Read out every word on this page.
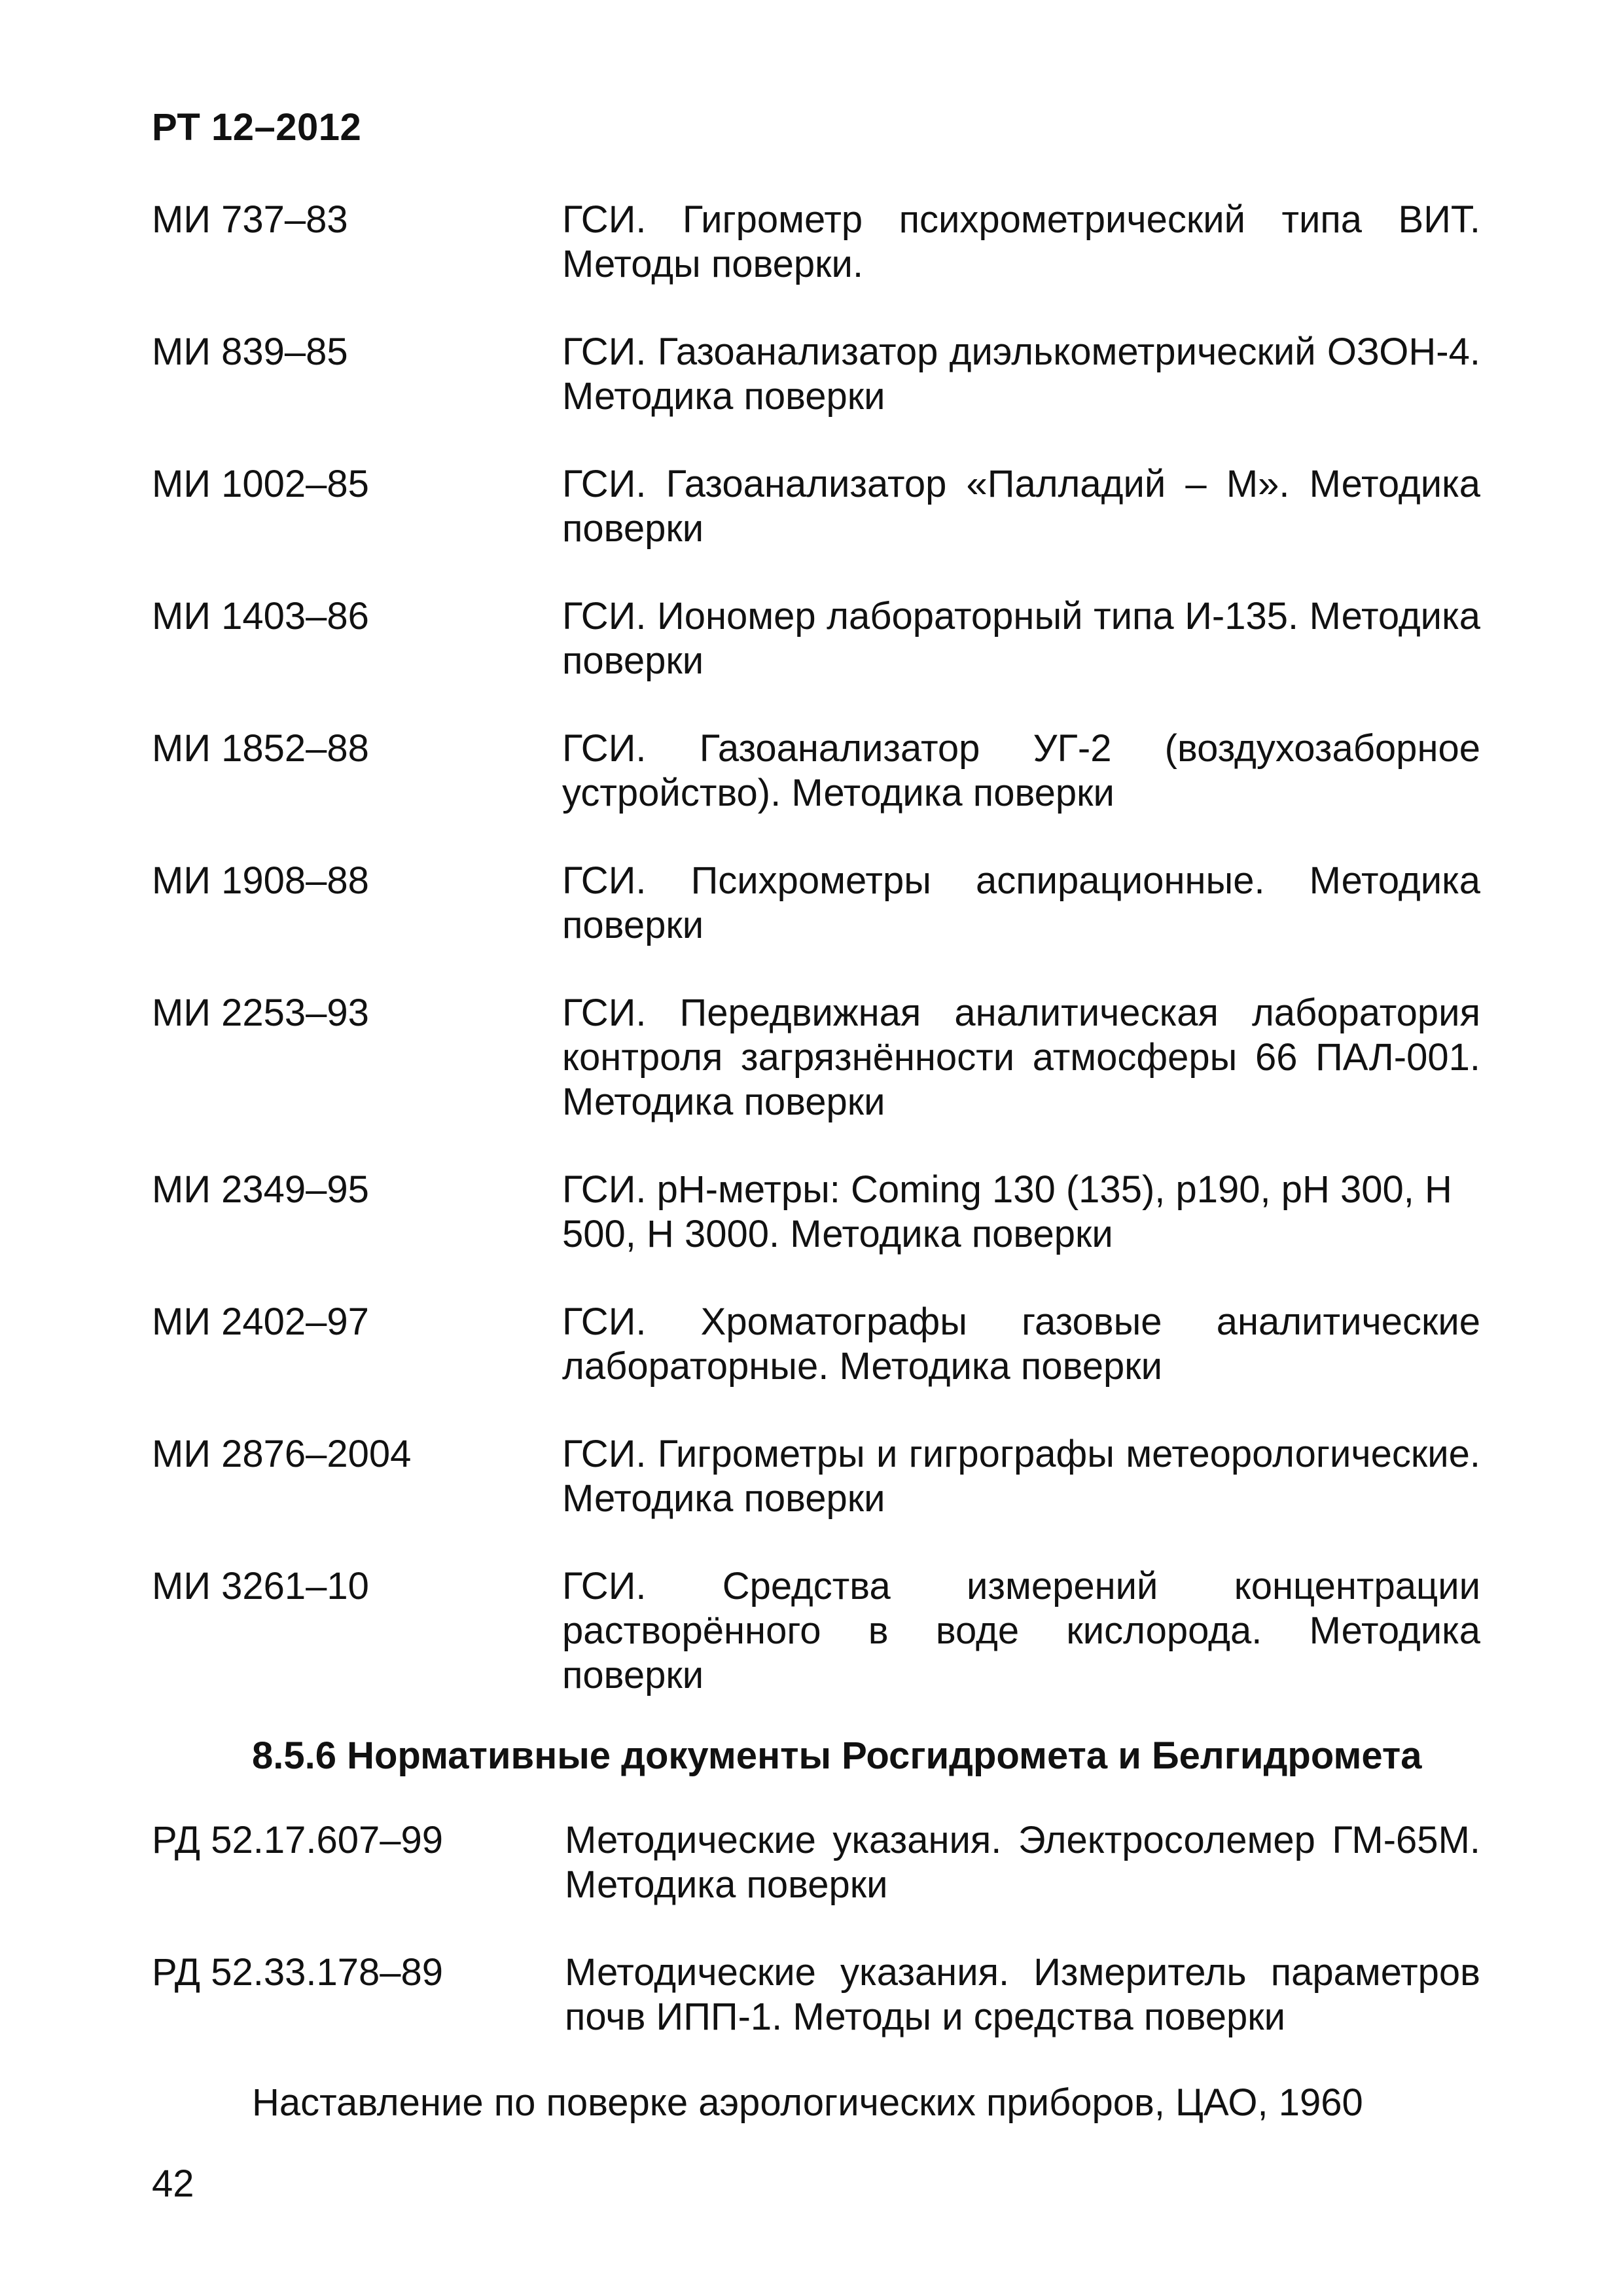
РТ 12–2012
МИ 737–83	ГСИ. Гигрометр психрометрический типа ВИТ. Методы поверки.
МИ 839–85	ГСИ. Газоанализатор диэлькометрический ОЗОН-4. Методика поверки
МИ 1002–85	ГСИ. Газоанализатор «Палладий – М». Методика поверки
МИ 1403–86	ГСИ. Иономер лабораторный типа И-135. Методика поверки
МИ 1852–88	ГСИ. Газоанализатор УГ-2 (воздухозаборное устройство). Методика поверки
МИ 1908–88	ГСИ. Психрометры аспирационные. Методика поверки
МИ 2253–93	ГСИ. Передвижная аналитическая лаборатория контроля загрязнённости атмосферы 66 ПАЛ-001. Методика поверки
МИ 2349–95	ГСИ. рН-метры: Coming 130 (135), р190, рН 300, Н 500, Н 3000. Методика поверки
МИ 2402–97	ГСИ. Хроматографы газовые аналитические лабораторные. Методика поверки
МИ 2876–2004	ГСИ. Гигрометры и гигрографы метеорологические. Методика поверки
МИ 3261–10	ГСИ. Средства измерений концентрации растворённого в воде кислорода. Методика поверки
8.5.6 Нормативные документы Росгидромета и Белгидромета
РД 52.17.607–99	Методические указания. Электросолемер ГМ-65М. Методика поверки
РД 52.33.178–89	Методические указания. Измеритель параметров почв ИПП-1. Методы и средства поверки
Наставление по поверке аэрологических приборов, ЦАО, 1960
42
